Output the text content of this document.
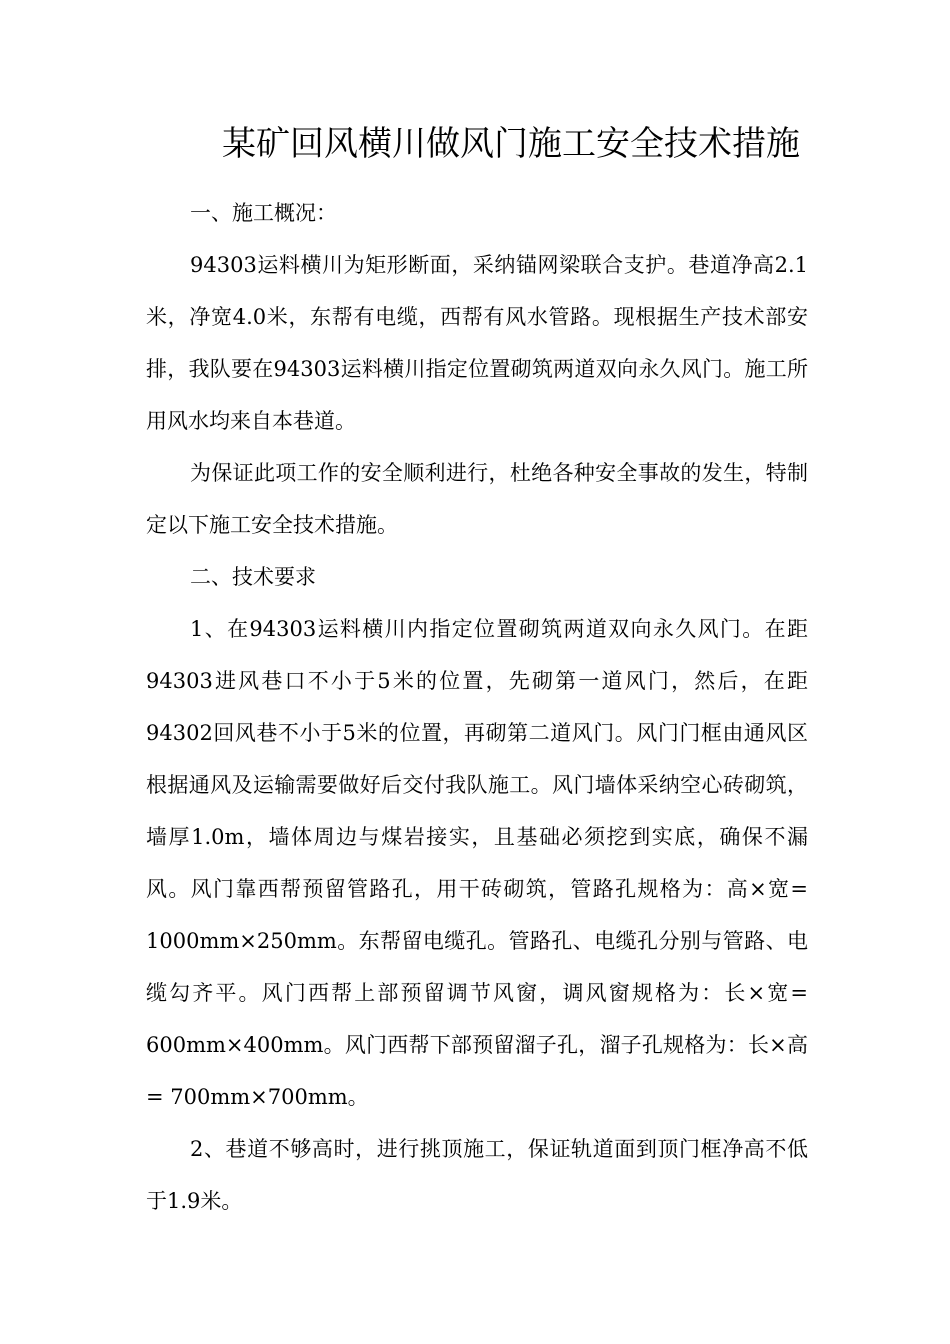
某矿回风横川做风门施工安全技术措施

一、施工概况：

94303运料横川为矩形断面，采纳锚网梁联合支护。巷道净高2.1米，净宽4.0米，东帮有电缆，西帮有风水管路。现根据生产技术部安排，我队要在94303运料横川指定位置砌筑两道双向永久风门。施工所用风水均来自本巷道。

为保证此项工作的安全顺利进行，杜绝各种安全事故的发生，特制定以下施工安全技术措施。

二、技术要求

1、在94303运料横川内指定位置砌筑两道双向永久风门。在距94303进风巷口不小于5米的位置，先砌第一道风门，然后，在距94302回风巷不小于5米的位置，再砌第二道风门。风门门框由通风区根据通风及运输需要做好后交付我队施工。风门墙体采纳空心砖砌筑，墙厚1.0m，墙体周边与煤岩接实，且基础必须挖到实底，确保不漏风。风门靠西帮预留管路孔，用干砖砌筑，管路孔规格为：高×宽= 1000mm×250mm。东帮留电缆孔。管路孔、电缆孔分别与管路、电缆勾齐平。风门西帮上部预留调节风窗，调风窗规格为：长×宽= 600mm×400mm。风门西帮下部预留溜子孔，溜子孔规格为：长×高= 700mm×700mm。

2、巷道不够高时，进行挑顶施工，保证轨道面到顶门框净高不低于1.9米。
